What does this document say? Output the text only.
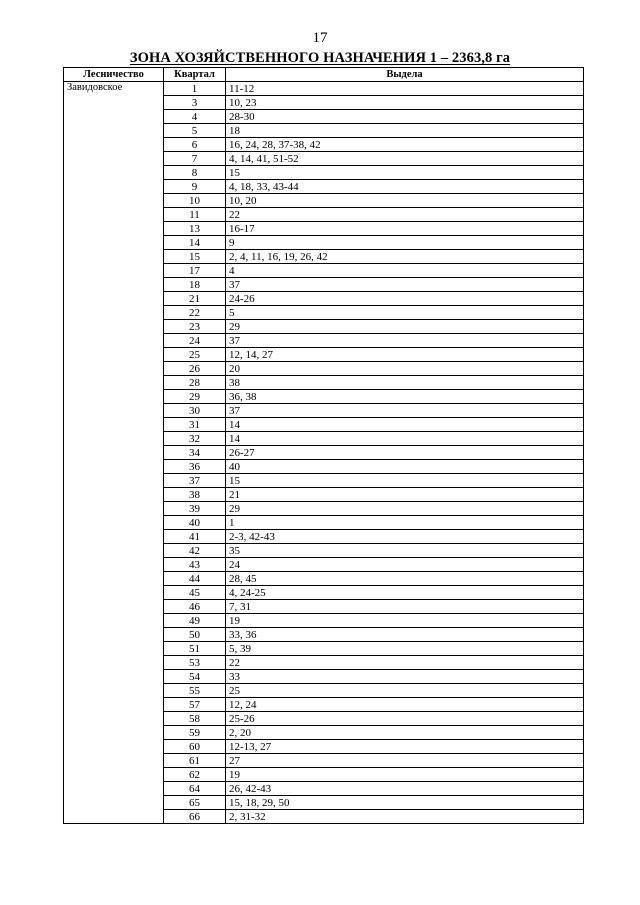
17
ЗОНА ХОЗЯЙСТВЕННОГО НАЗНАЧЕНИЯ 1 – 2363,8 га
Лесничество	Квартал	Выдела
Завидовское	1	11-12
	3	10, 23
	4	28-30
	5	18
	6	16, 24, 28, 37-38, 42
	7	4, 14, 41, 51-52
	8	15
	9	4, 18, 33, 43-44
	10	10, 20
	11	22
	13	16-17
	14	9
	15	2, 4, 11, 16, 19, 26, 42
	17	4
	18	37
	21	24-26
	22	5
	23	29
	24	37
	25	12, 14, 27
	26	20
	28	38
	29	36, 38
	30	37
	31	14
	32	14
	34	26-27
	36	40
	37	15
	38	21
	39	29
	40	1
	41	2-3, 42-43
	42	35
	43	24
	44	28, 45
	45	4, 24-25
	46	7, 31
	49	19
	50	33, 36
	51	5, 39
	53	22
	54	33
	55	25
	57	12, 24
	58	25-26
	59	2, 20
	60	12-13, 27
	61	27
	62	19
	64	26, 42-43
	65	15, 18, 29, 50
	66	2, 31-32
